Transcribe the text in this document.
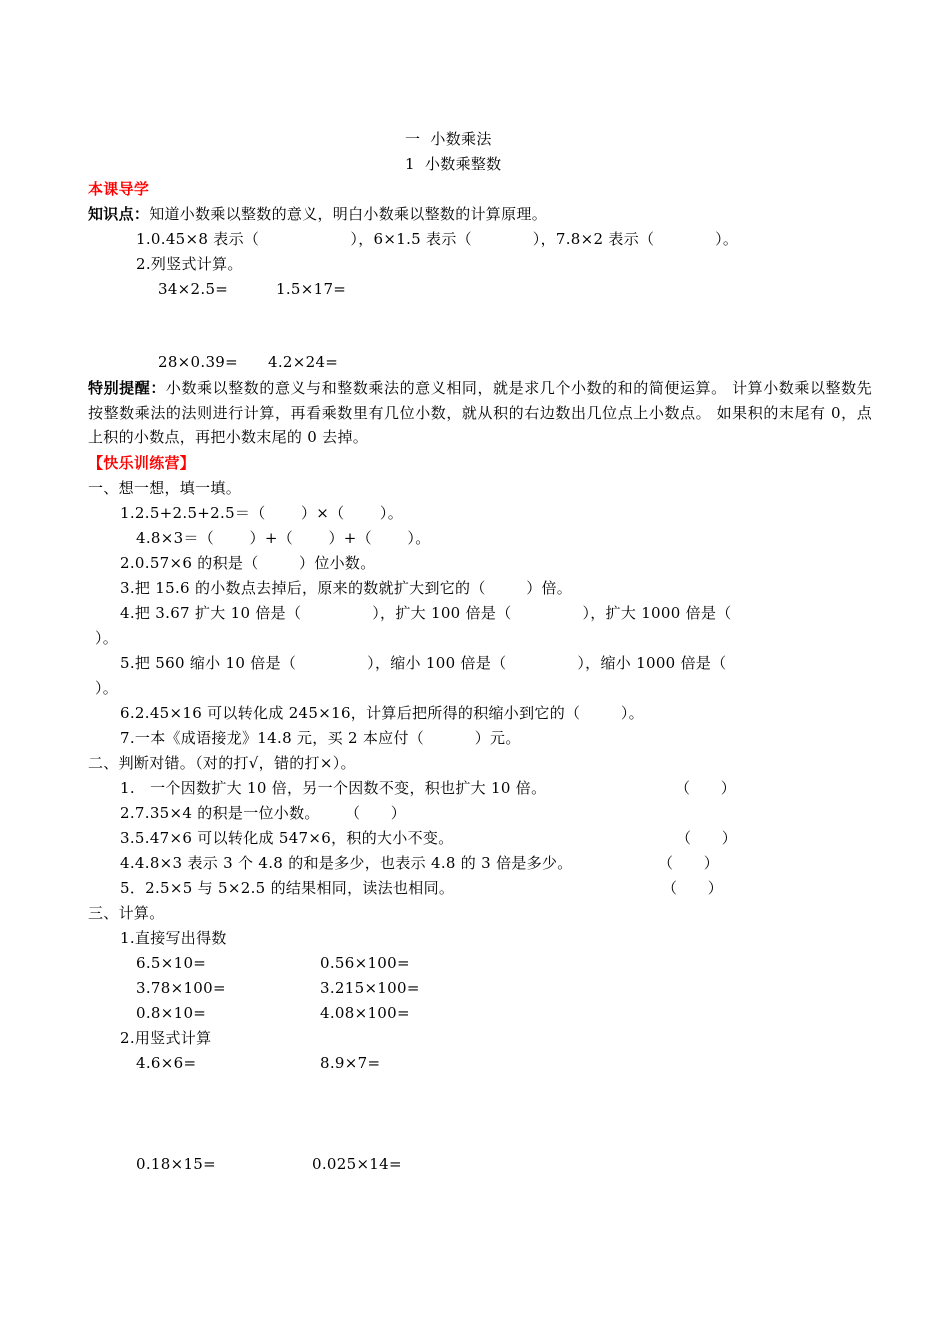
一  小数乘法
1  小数乘整数
本课导学
知识点：知道小数乘以整数的意义，明白小数乘以整数的计算原理。
1.0.45×8 表示（                  ），6×1.5 表示（            ），7.8×2 表示（            ）。
2.列竖式计算。
34×2.5=	1.5×17=
28×0.39= 4.2×24=
特别提醒：小数乘以整数的意义与和整数乘法的意义相同，就是求几个小数的和的简便运算。 计算小数乘以整数先按整数乘法的法则进行计算，再看乘数里有几位小数，就从积的右边数出几位点上小数点。 如果积的末尾有 0，点上积的小数点，再把小数末尾的 0 去掉。
【快乐训练营】
一、想一想，填一填。
1.2.5+2.5+2.5＝（       ）×（       ）。
4.8×3＝（       ）+（       ）+（       ）。
2.0.57×6 的积是（        ）位小数。
3.把 15.6 的小数点去掉后，原来的数就扩大到它的（        ）倍。
4.把 3.67 扩大 10 倍是（              ），扩大 100 倍是（              ），扩大 1000 倍是（
）。
5.把 560 缩小 10 倍是（              ），缩小 100 倍是（              ），缩小 1000 倍是（
）。
6.2.45×16 可以转化成 245×16，计算后把所得的积缩小到它的（        ）。
7.一本《成语接龙》14.8 元，买 2 本应付（          ）元。
二、判断对错。（对的打√，错的打×）。
1.   一个因数扩大 10 倍，另一个因数不变，积也扩大 10 倍。	（      ）
2.7.35×4 的积是一位小数。 （      ）
3.5.47×6 可以转化成 547×6，积的大小不变。	（      ）
4.4.8×3 表示 3 个 4.8 的和是多少，也表示 4.8 的 3 倍是多少。	（      ）
5．2.5×5 与 5×2.5 的结果相同，读法也相同。	（      ）
三、计算。
1.直接写出得数
6.5×10=	0.56×100=
3.78×100=	3.215×100=
0.8×10=	4.08×100=
2.用竖式计算
4.6×6=	8.9×7=
0.18×15=	0.025×14=
